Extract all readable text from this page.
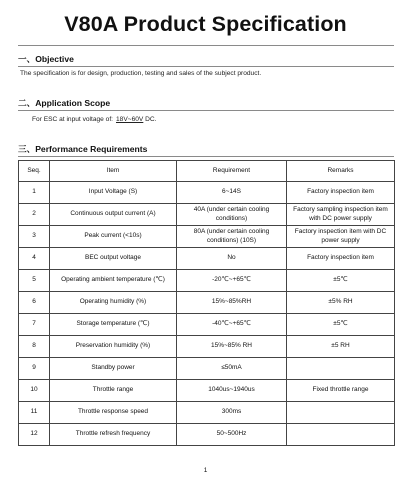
V80A Product Specification
一、Objective
The specification is for design, production, testing and sales of the subject product.
二、Application Scope
For ESC at input voltage of: 18V~60V DC.
三、Performance Requirements
Seq.	Item	Requirement	Remarks
1	Input Voltage (S)	6~14S	Factory inspection item
2	Continuous output current (A)	40A (under certain cooling conditions)	Factory sampling inspection item with DC power supply
3	Peak current (<10s)	80A (under certain cooling conditions) (10S)	Factory inspection item with DC power supply
4	BEC output voltage	No	Factory inspection item
5	Operating ambient temperature (℃)	-20℃~+65℃	±5℃
6	Operating humidity (%)	15%~85%RH	±5% RH
7	Storage temperature (℃)	-40℃~+65℃	±5℃
8	Preservation humidity (%)	15%~85% RH	±5 RH
9	Standby power	≤50mA	
10	Throttle range	1040us~1940us	Fixed throttle range
11	Throttle response speed	300ms	
12	Throttle refresh frequency	50~500Hz	
1
